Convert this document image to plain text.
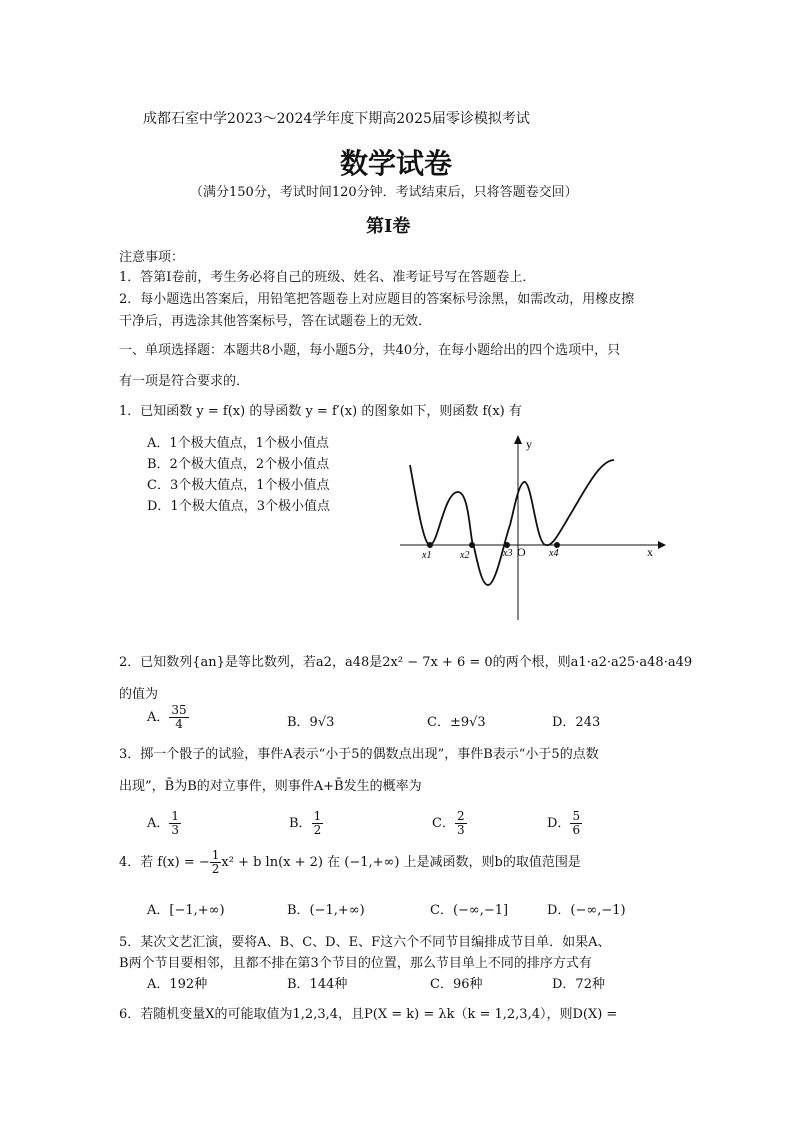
成都石室中学2023～2024学年度下期高2025届零诊模拟考试
数学试卷
（满分150分，考试时间120分钟．考试结束后，只将答题卷交回）
第Ⅰ卷
注意事项：
1．答第Ⅰ卷前，考生务必将自己的班级、姓名、准考证号写在答题卷上．
2．每小题选出答案后，用铅笔把答题卷上对应题目的答案标号涂黑，如需改动，用橡皮擦
干净后，再选涂其他答案标号，答在试题卷上的无效．
一、单项选择题：本题共8小题，每小题5分，共40分，在每小题给出的四个选项中，只
有一项是符合要求的．
1．已知函数 y = f(x) 的导函数 y = f′(x) 的图象如下，则函数 f(x) 有
A．1个极大值点，1个极小值点
B．2个极大值点，2个极小值点
C．3个极大值点，1个极小值点
D．1个极大值点，3个极小值点
y
x
O
x1	x2	x3	x4
2．已知数列{an}是等比数列，若a2，a48是2x² − 7x + 6 = 0的两个根，则a1·a2·a25·a48·a49
的值为
A． $\frac{35}{4}$	B．9√3	C．±9√3	D．243
3．掷一个骰子的试验，事件A表示“小于5的偶数点出现”，事件B表示“小于5的点数
出现”，B̄为B的对立事件，则事件A+B̄发生的概率为
A． $\frac{1}{3}$	B． $\frac{1}{2}$	C． $\frac{2}{3}$	D． $\frac{5}{6}$
4．若 f(x) = − $\frac{1}{2} x^2 + b$ ln(x + 2) 在 (−1,+∞) 上是减函数，则b的取值范围是
A．[−1,+∞)	B．(−1,+∞)	C．(−∞,−1]	D．(−∞,−1)
5．某次文艺汇演，要将A、B、C、D、E、F这六个不同节目编排成节目单．如果A、
B两个节目要相邻，且都不排在第3个节目的位置，那么节目单上不同的排序方式有
A．192种	B．144种	C．96种	D．72种
6．若随机变量X的可能取值为1,2,3,4，且P(X = k) = λk（k = 1,2,3,4），则D(X) =
